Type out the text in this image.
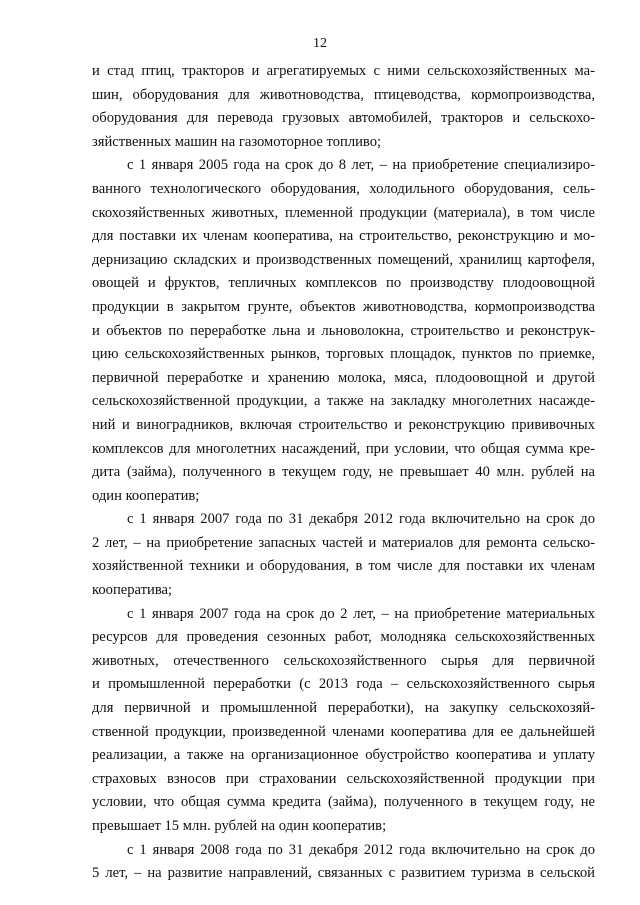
12
и стад птиц, тракторов и агрегатируемых с ними сельскохозяйственных ма-
шин, оборудования для животноводства, птицеводства, кормопроизводства,
оборудования для перевода грузовых автомобилей, тракторов и сельскохо-
зяйственных машин на газомоторное топливо;
с 1 января 2005 года на срок до 8 лет, – на приобретение специализиро-
ванного технологического оборудования, холодильного оборудования, сель-
скохозяйственных животных, племенной продукции (материала), в том числе
для поставки их членам кооператива, на строительство, реконструкцию и мо-
дернизацию складских и производственных помещений, хранилищ картофеля,
овощей и фруктов, тепличных комплексов по производству плодоовощной
продукции в закрытом грунте, объектов животноводства, кормопроизводства
и объектов по переработке льна и льноволокна, строительство и реконструк-
цию сельскохозяйственных рынков, торговых площадок, пунктов по приемке,
первичной переработке и хранению молока, мяса, плодоовощной и другой
сельскохозяйственной продукции, а также на закладку многолетних насажде-
ний и виноградников, включая строительство и реконструкцию прививочных
комплексов для многолетних насаждений, при условии, что общая сумма кре-
дита (займа), полученного в текущем году, не превышает 40 млн. рублей на
один кооператив;
с 1 января 2007 года по 31 декабря 2012 года включительно на срок до
2 лет, – на приобретение запасных частей и материалов для ремонта сельско-
хозяйственной техники и оборудования, в том числе для поставки их членам
кооператива;
с 1 января 2007 года на срок до 2 лет, – на приобретение материальных
ресурсов для проведения сезонных работ, молодняка сельскохозяйственных
животных, отечественного сельскохозяйственного сырья для первичной
и промышленной переработки (с 2013 года – сельскохозяйственного сырья
для первичной и промышленной переработки), на закупку сельскохозяй-
ственной продукции, произведенной членами кооператива для ее дальнейшей
реализации, а также на организационное обустройство кооператива и уплату
страховых взносов при страховании сельскохозяйственной продукции при
условии, что общая сумма кредита (займа), полученного в текущем году, не
превышает 15 млн. рублей на один кооператив;
с 1 января 2008 года по 31 декабря 2012 года включительно на срок до
5 лет, – на развитие направлений, связанных с развитием туризма в сельской
